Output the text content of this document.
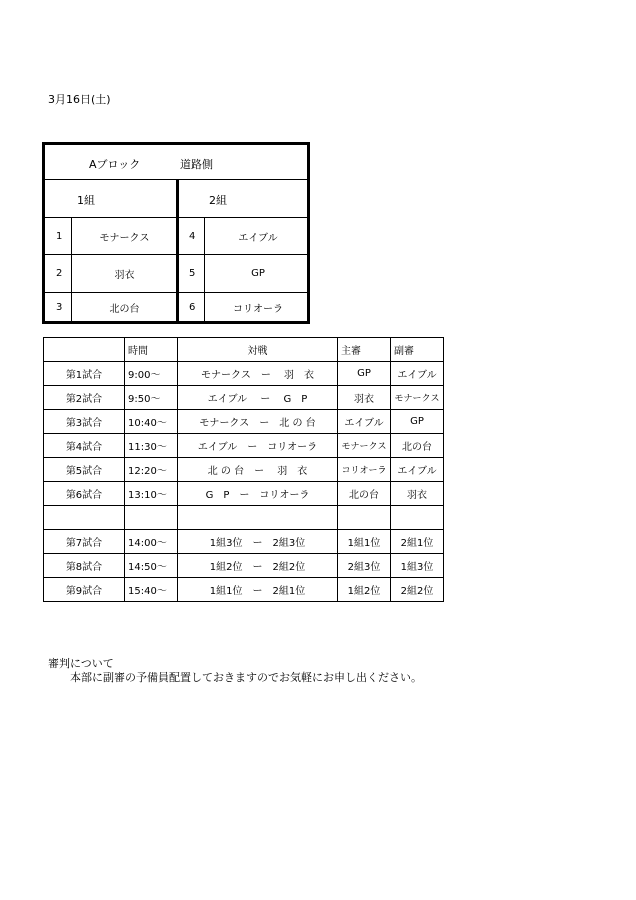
3月16日(土)
Aブロック	道路側
1組	2組
1	モナークス	4	エイブル
2	羽衣	5	GP
3	北の台	6	コリオーラ
	時間	対戦	主審	副審
第1試合	9:00～	モナークス　ー　 羽　衣	GP	エイブル
第2試合	9:50～	エイブル　 ー　 G　P	羽衣	モナークス
第3試合	10:40～	モナークス　ー　北 の 台	エイブル	GP
第4試合	11:30～	エイブル　ー　コリオーラ	モナークス	北の台
第5試合	12:20～	北 の 台　ー　 羽　衣	コリオーラ	エイブル
第6試合	13:10～	G　P　ー　コリオーラ	北の台	羽衣

第7試合	14:00～	1組3位　ー　2組3位	1組1位	2組1位
第8試合	14:50～	1組2位　ー　2組2位	2組3位	1組3位
第9試合	15:40～	1組1位　ー　2組1位	1組2位	2組2位
審判について
本部に副審の予備員配置しておきますのでお気軽にお申し出ください。
